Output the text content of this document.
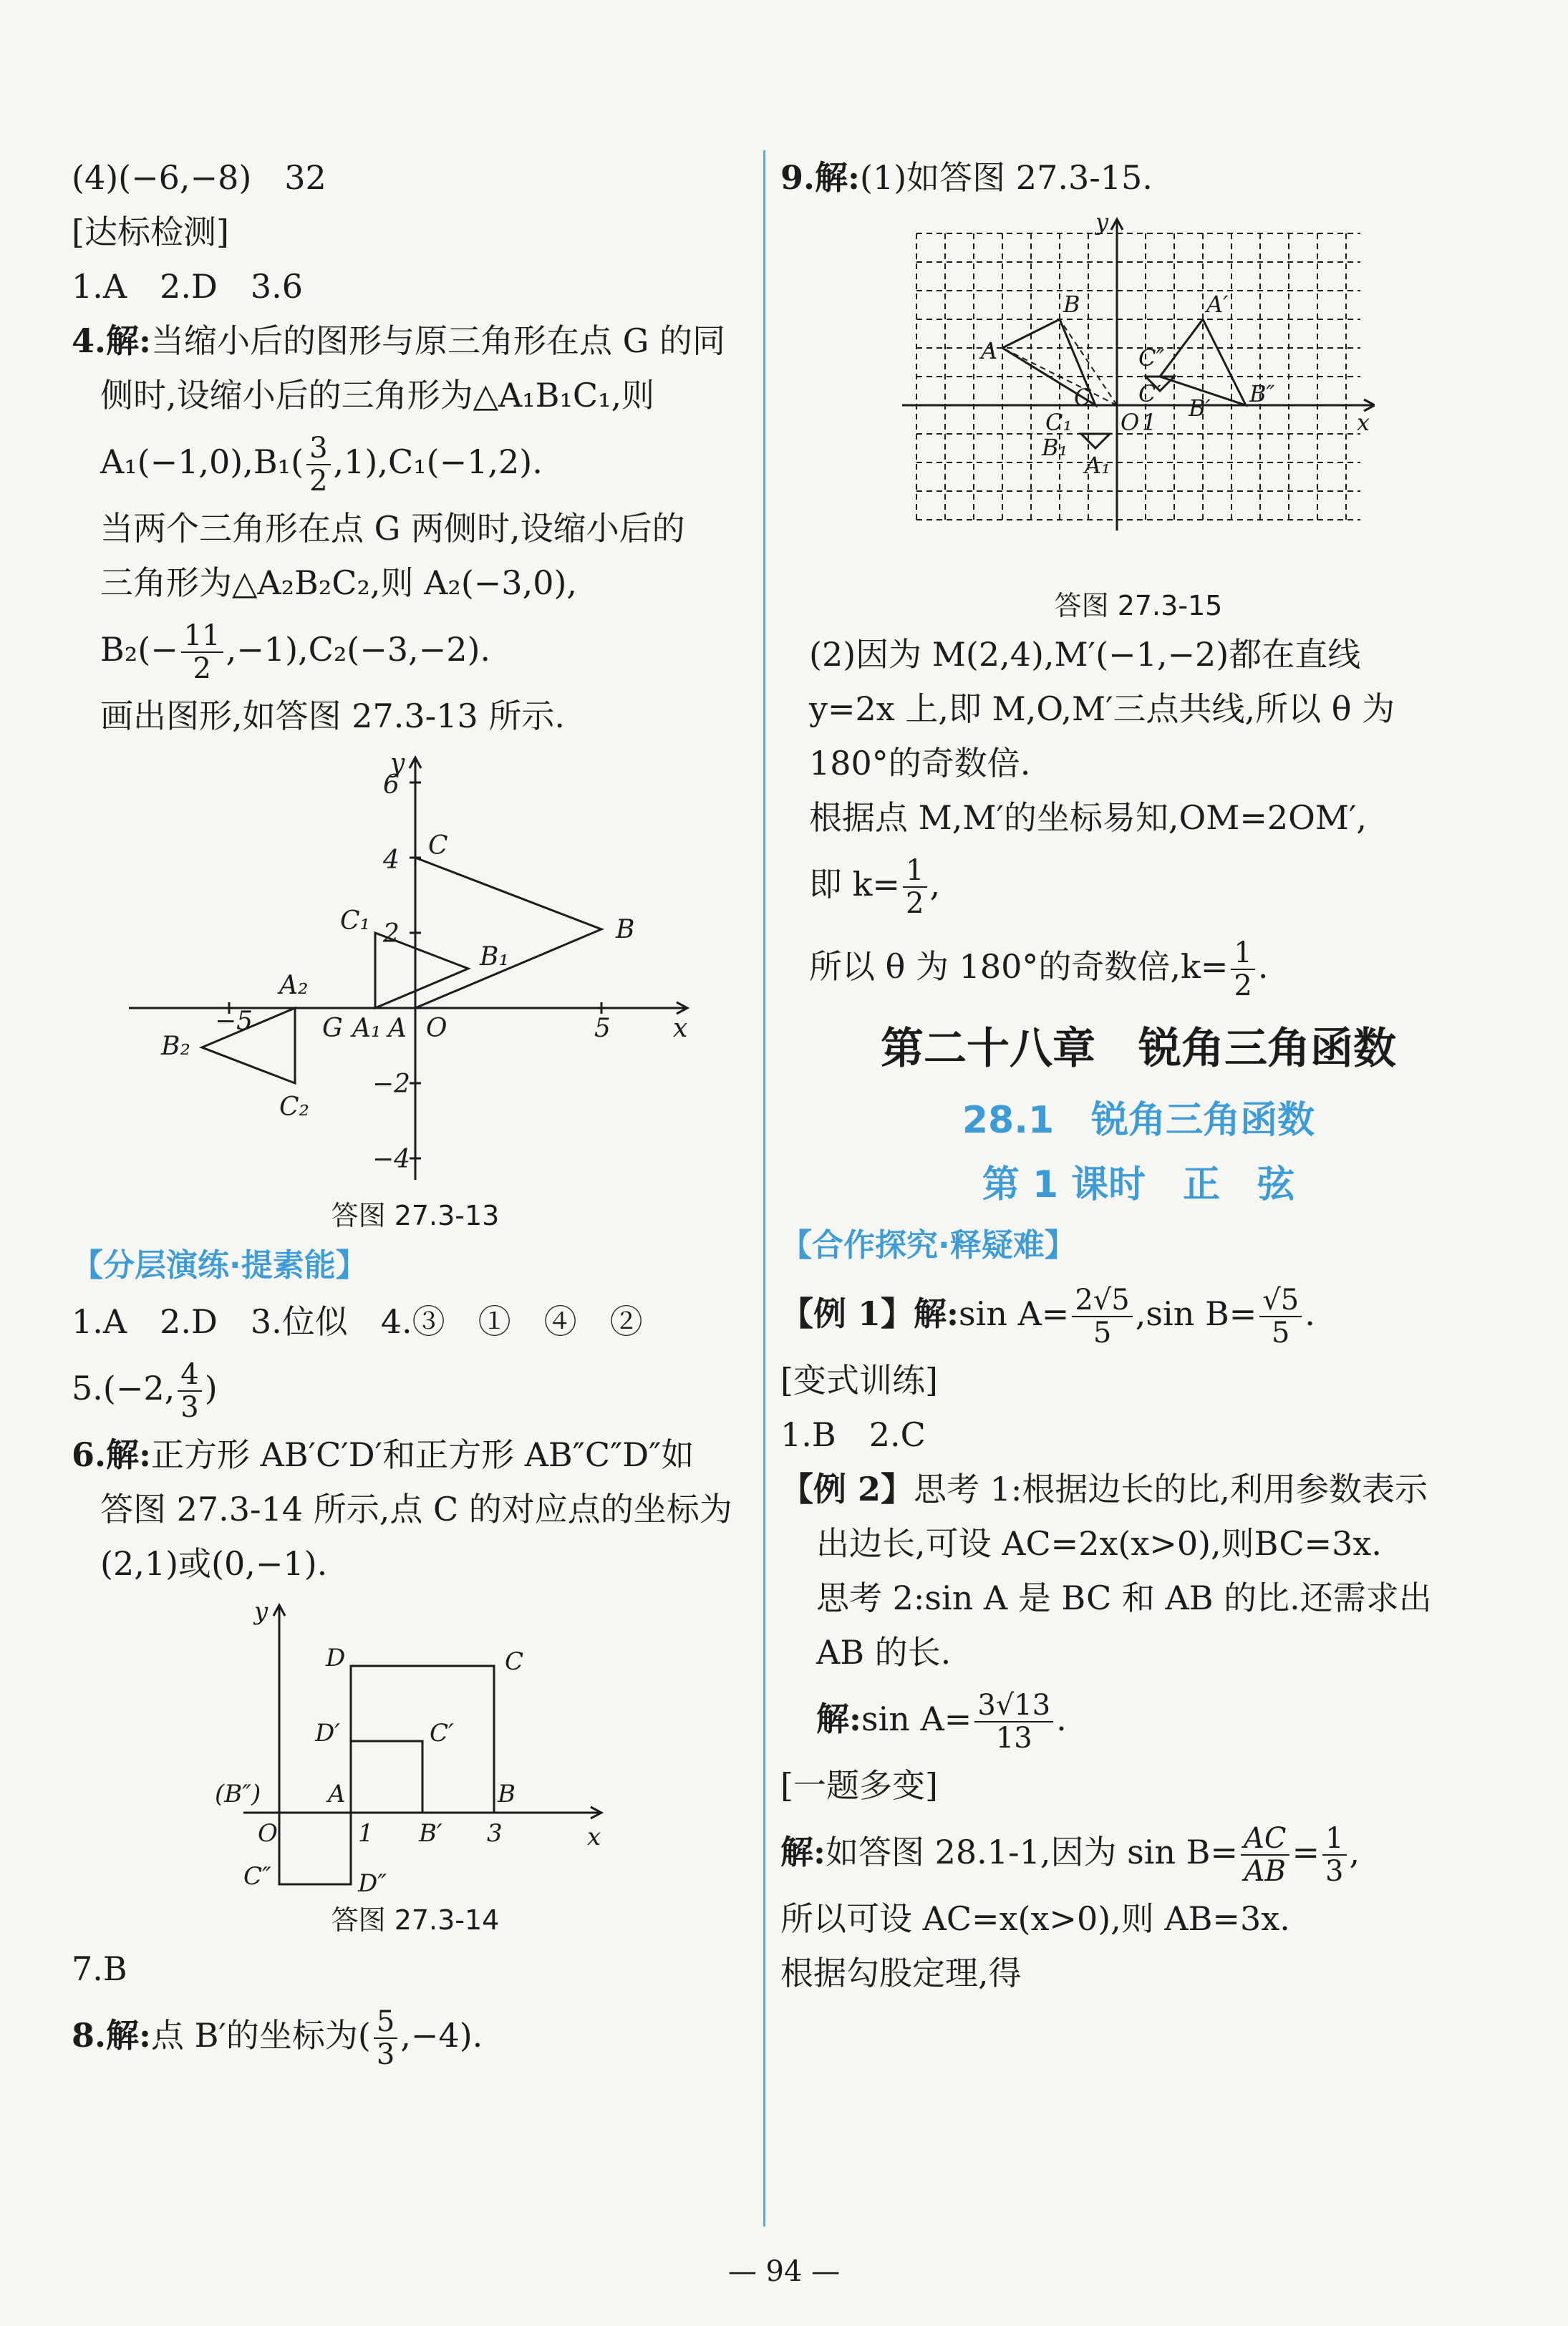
(4)(−6,−8)　32
[达标检测]
1.A　2.D　3.6
4.解:当缩小后的图形与原三角形在点 G 的同
侧时,设缩小后的三角形为△A₁B₁C₁,则
$A_1(-1,0),B_1( \frac{3}{2} ,1),C_1(-1,2)$.
当两个三角形在点 G 两侧时,设缩小后的
三角形为△A₂B₂C₂,则 A₂(−3,0),
$B_2(- \frac{11}{2} ,-1),C_2(-3,-2)$.
画出图形,如答图 27.3-13 所示.
y
x
O
6
4
2
−2
−4
5
−5
C
B
C₁
B₁
A₂
B₂
C₂
G A₁ A
答图 27.3-13
【分层演练·提素能】
1.A　2.D　3.位似　4.③　①　④　②
5.(−2, $\frac{4}{3}$ )
6.解:正方形 AB′C′D′和正方形 AB″C″D″如
答图 27.3-14 所示,点 C 的对应点的坐标为
(2,1)或(0,−1).
y
x
D	C
D′	C′
(B″)	A	B
O	1 B′ 3
C″	D″
答图 27.3-14
7.B
8.解:点 B′的坐标为( $\frac{5}{3} ,-4$).
9.解:(1)如答图 27.3-15.
y
x
O 1
B
A
A′
C″
C	B″
C′
B′
C₁
B₁
A₁
答图 27.3-15
(2)因为 M(2,4),M′(−1,−2)都在直线
y=2x 上,即 M,O,M′三点共线,所以 θ 为
180°的奇数倍.
根据点 M,M′的坐标易知,OM=2OM′,
即 $k= \frac{1}{2}$ ,
所以 θ 为 180°的奇数倍$,k= \frac{1}{2}$ .
第二十八章　锐角三角函数
28.1　锐角三角函数
第 1 课时　正　弦
【合作探究·释疑难】
【例 1】解:sin $A= \frac{2√5}{5} ,\sin$ $B= \frac{√5}{5}$ .
[变式训练]
1.B　2.C
【例 2】思考 1:根据边长的比,利用参数表示
出边长,可设 AC=2x(x>0),则BC=3x.
思考 2:sin A 是 BC 和 AB 的比.还需求出
AB 的长.
解:sin $A= \frac{3√13}{13}$ .
[一题多变]
解:如答图 28.1-1,因为 $\sin B= \frac{AC}{AB} = \frac{1}{3}$ ,
所以可设 AC=x(x>0),则 AB=3x.
根据勾股定理,得
— 94 —
